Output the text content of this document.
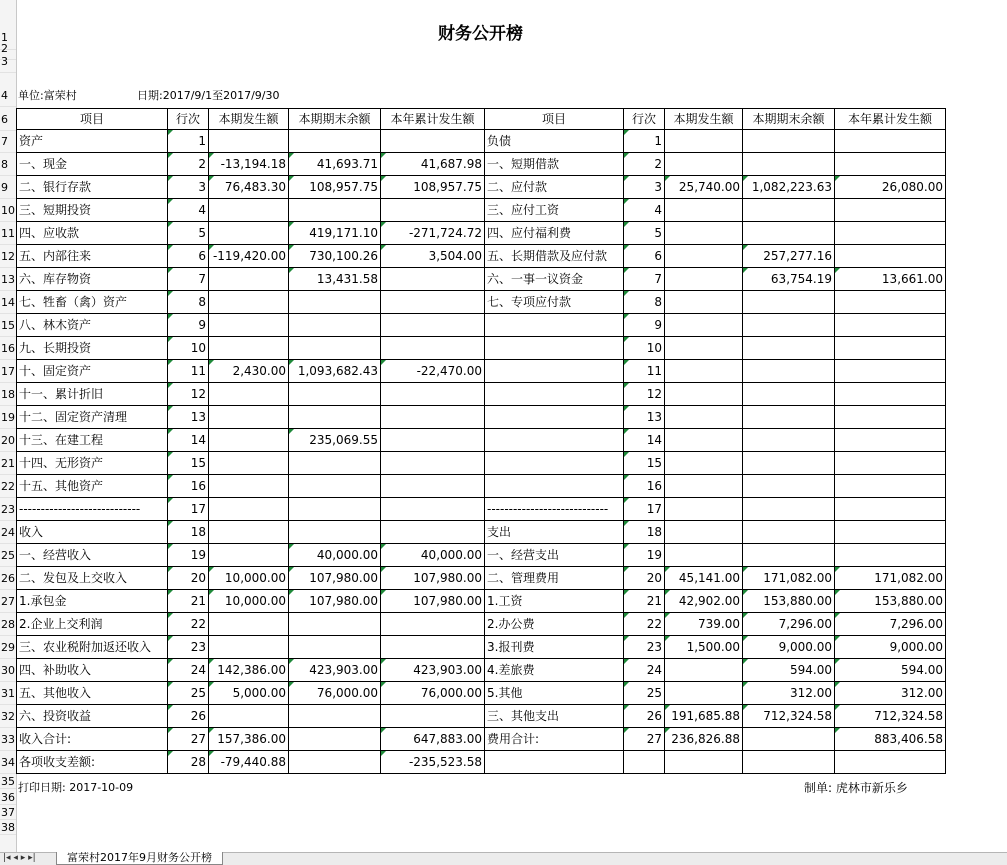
1
2
3
4
6
7
8
9
10
11
12
13
14
15
16
17
18
19
20
21
22
23
24
25
26
27
28
29
30
31
32
33
34
35
36
37
38
财务公开榜
单位:富荣村	日期:2017/9/1至2017/9/30
项目	行次	本期发生额	本期期末余额	本年累计发生额	项目	行次	本期发生额	本期期末余额	本年累计发生额
资产	1				负债	1			
一、现金	2	-13,194.18	41,693.71	41,687.98	一、短期借款	2			
二、银行存款	3	76,483.30	108,957.75	108,957.75	二、应付款	3	25,740.00	1,082,223.63	26,080.00
三、短期投资	4				三、应付工资	4			
四、应收款	5		419,171.10	-271,724.72	四、应付福利费	5			
五、内部往来	6	-119,420.00	730,100.26	3,504.00	五、长期借款及应付款	6		257,277.16	
六、库存物资	7		13,431.58		六、一事一议资金	7		63,754.19	13,661.00
七、牲畜（禽）资产	8				七、专项应付款	8			
八、林木资产	9					9			
九、长期投资	10					10			
十、固定资产	11	2,430.00	1,093,682.43	-22,470.00		11			
十一、累计折旧	12					12			
十二、固定资产清理	13					13			
十三、在建工程	14		235,069.55			14			
十四、无形资产	15					15			
十五、其他资产	16					16			
----------------------------	17				----------------------------	17			
收入	18				支出	18			
一、经营收入	19		40,000.00	40,000.00	一、经营支出	19			
二、发包及上交收入	20	10,000.00	107,980.00	107,980.00	二、管理费用	20	45,141.00	171,082.00	171,082.00
1.承包金	21	10,000.00	107,980.00	107,980.00	1.工资	21	42,902.00	153,880.00	153,880.00
2.企业上交利润	22				2.办公费	22	739.00	7,296.00	7,296.00
三、农业税附加返还收入	23				3.报刊费	23	1,500.00	9,000.00	9,000.00
四、补助收入	24	142,386.00	423,903.00	423,903.00	4.差旅费	24		594.00	594.00
五、其他收入	25	5,000.00	76,000.00	76,000.00	5.其他	25		312.00	312.00
六、投资收益	26				三、其他支出	26	191,685.88	712,324.58	712,324.58
收入合计:	27	157,386.00		647,883.00	费用合计:	27	236,826.88		883,406.58
各项收支差额:	28	-79,440.88		-235,523.58					
打印日期: 2017-10-09	制单: 虎林市新乐乡
|◂ ◂ ▸ ▸|	富荣村2017年9月财务公开榜
